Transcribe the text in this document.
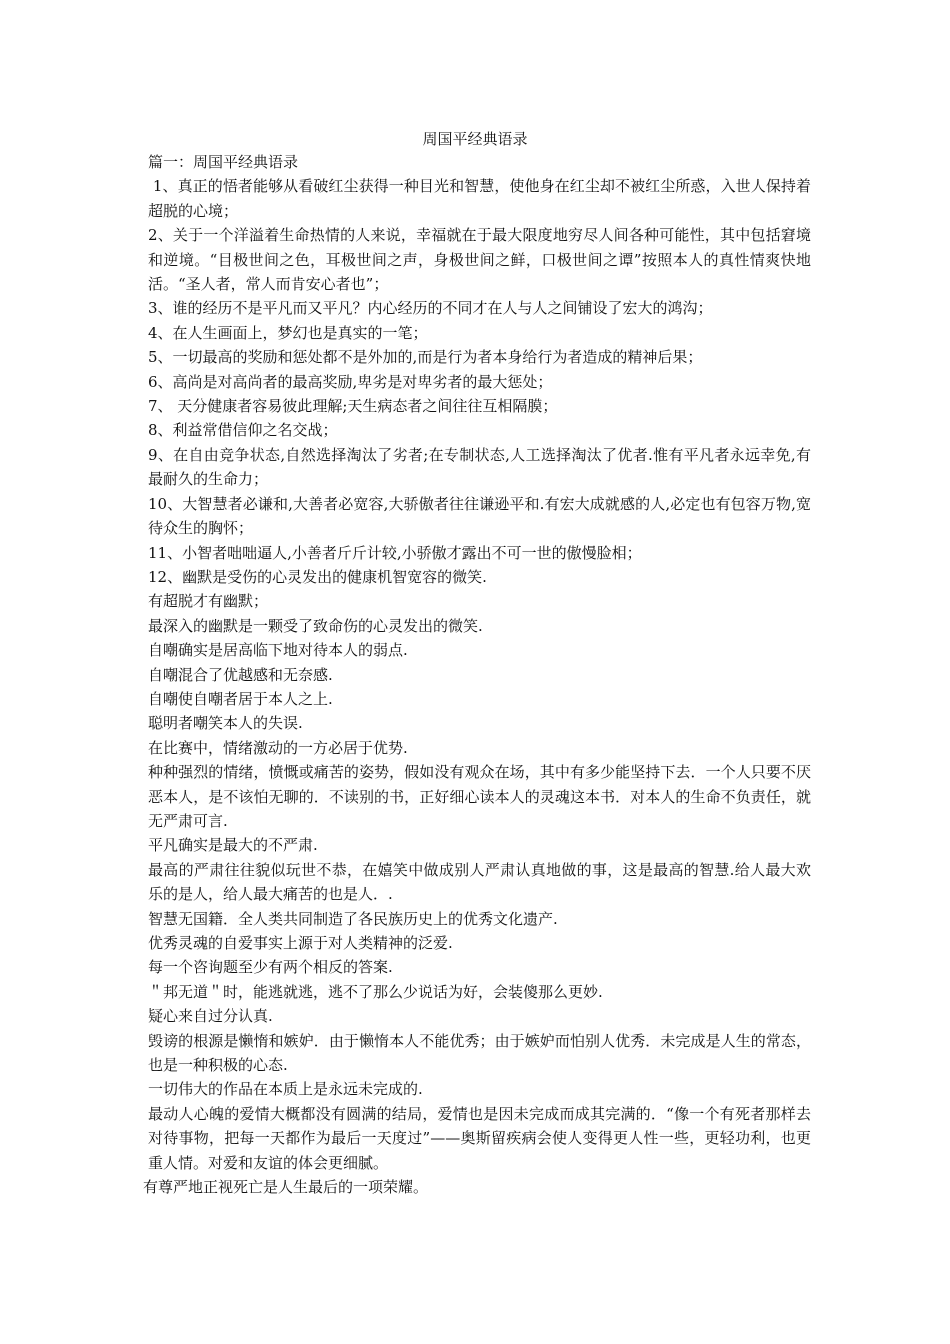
周国平经典语录

篇一：周国平经典语录

1、真正的悟者能够从看破红尘获得一种目光和智慧，使他身在红尘却不被红尘所惑，入世人保持着超脱的心境；

2、关于一个洋溢着生命热情的人来说，幸福就在于最大限度地穷尽人间各种可能性，其中包括窘境和逆境。“目极世间之色，耳极世间之声，身极世间之鲜，口极世间之谭”按照本人的真性情爽快地活。“圣人者，常人而肯安心者也”；

3、谁的经历不是平凡而又平凡？内心经历的不同才在人与人之间铺设了宏大的鸿沟；

4、在人生画面上，梦幻也是真实的一笔；

5、一切最高的奖励和惩处都不是外加的,而是行为者本身给行为者造成的精神后果；

6、高尚是对高尚者的最高奖励,卑劣是对卑劣者的最大惩处；

7、 天分健康者容易彼此理解;天生病态者之间往往互相隔膜；

8、利益常借信仰之名交战；

9、在自由竞争状态,自然选择淘汰了劣者;在专制状态,人工选择淘汰了优者.惟有平凡者永远幸免,有最耐久的生命力；

10、大智慧者必谦和,大善者必宽容,大骄傲者往往谦逊平和.有宏大成就感的人,必定也有包容万物,宽待众生的胸怀；

11、小智者咄咄逼人,小善者斤斤计较,小骄傲才露出不可一世的傲慢脸相；

12、幽默是受伤的心灵发出的健康机智宽容的微笑.

有超脱才有幽默；

最深入的幽默是一颗受了致命伤的心灵发出的微笑.

自嘲确实是居高临下地对待本人的弱点.

自嘲混合了优越感和无奈感.

自嘲使自嘲者居于本人之上.

聪明者嘲笑本人的失误.

在比赛中，情绪激动的一方必居于优势.

种种强烈的情绪，愤慨或痛苦的姿势，假如没有观众在场，其中有多少能坚持下去．一个人只要不厌恶本人，是不该怕无聊的．不读别的书，正好细心读本人的灵魂这本书．对本人的生命不负责任，就无严肃可言.

平凡确实是最大的不严肃.

最高的严肃往往貌似玩世不恭，在嬉笑中做成别人严肃认真地做的事，这是最高的智慧.给人最大欢乐的是人，给人最大痛苦的也是人．.

智慧无国籍．全人类共同制造了各民族历史上的优秀文化遗产.

优秀灵魂的自爱事实上源于对人类精神的泛爱.

每一个咨询题至少有两个相反的答案.

＂邦无道＂时，能逃就逃，逃不了那么少说话为好，会装傻那么更妙.

疑心来自过分认真.

毁谤的根源是懒惰和嫉妒．由于懒惰本人不能优秀；由于嫉妒而怕别人优秀．未完成是人生的常态，也是一种积极的心态.

一切伟大的作品在本质上是永远未完成的.

最动人心魄的爱情大概都没有圆满的结局，爱情也是因未完成而成其完满的．“像一个有死者那样去对待事物，把每一天都作为最后一天度过”——奥斯留疾病会使人变得更人性一些，更轻功利，也更重人情。对爱和友谊的体会更细腻。

有尊严地正视死亡是人生最后的一项荣耀。
